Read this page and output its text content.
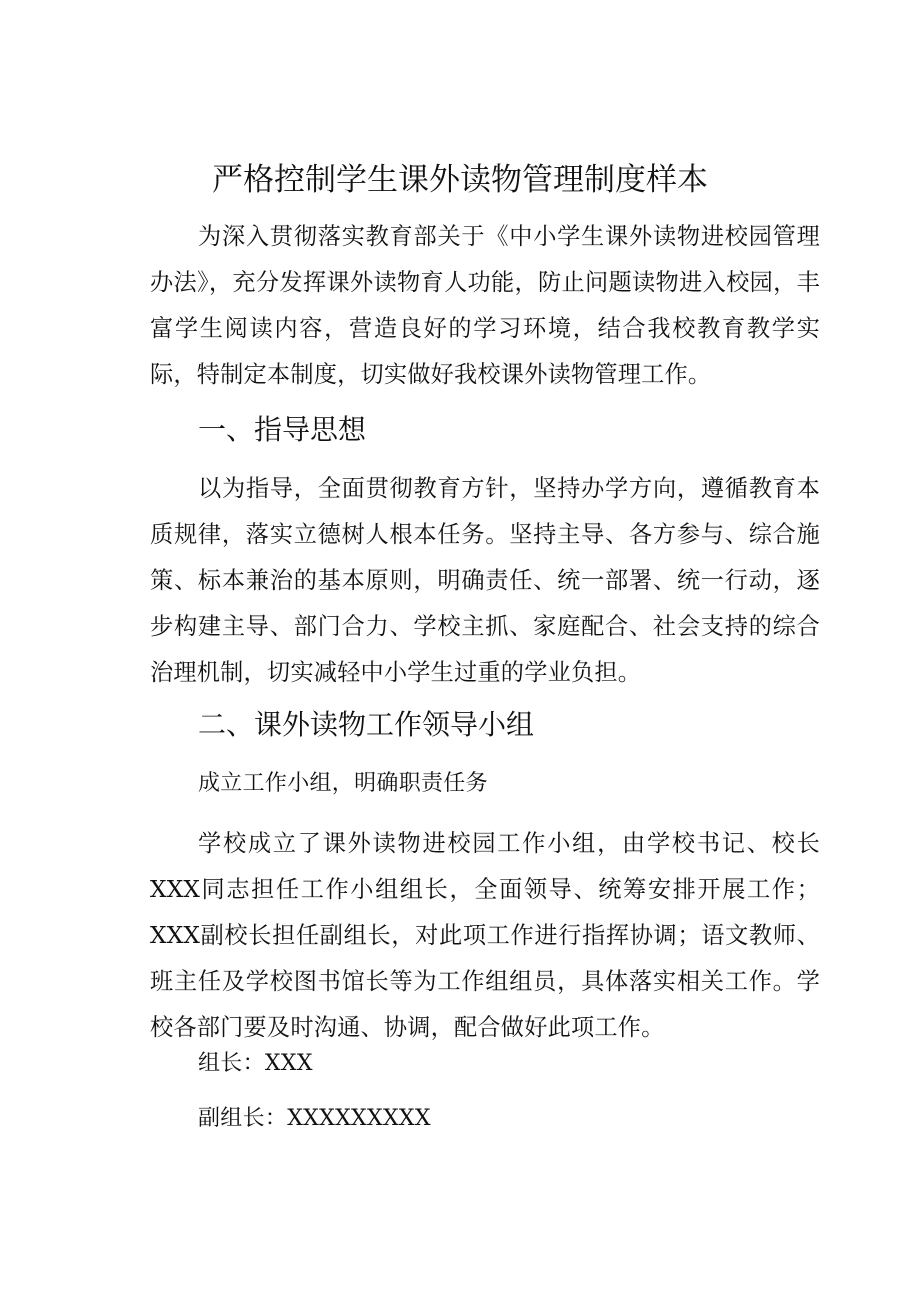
严格控制学生课外读物管理制度样本

为深入贯彻落实教育部关于《中小学生课外读物进校园管理办法》，充分发挥课外读物育人功能，防止问题读物进入校园，丰富学生阅读内容，营造良好的学习环境，结合我校教育教学实际，特制定本制度，切实做好我校课外读物管理工作。

一、指导思想

以为指导，全面贯彻教育方针，坚持办学方向，遵循教育本质规律，落实立德树人根本任务。坚持主导、各方参与、综合施策、标本兼治的基本原则，明确责任、统一部署、统一行动，逐步构建主导、部门合力、学校主抓、家庭配合、社会支持的综合治理机制，切实减轻中小学生过重的学业负担。

二、课外读物工作领导小组

成立工作小组，明确职责任务

学校成立了课外读物进校园工作小组，由学校书记、校长XXX同志担任工作小组组长，全面领导、统筹安排开展工作；XXX副校长担任副组长，对此项工作进行指挥协调；语文教师、班主任及学校图书馆长等为工作组组员，具体落实相关工作。学校各部门要及时沟通、协调，配合做好此项工作。

组长：XXX

副组长：XXXXXXXXX
